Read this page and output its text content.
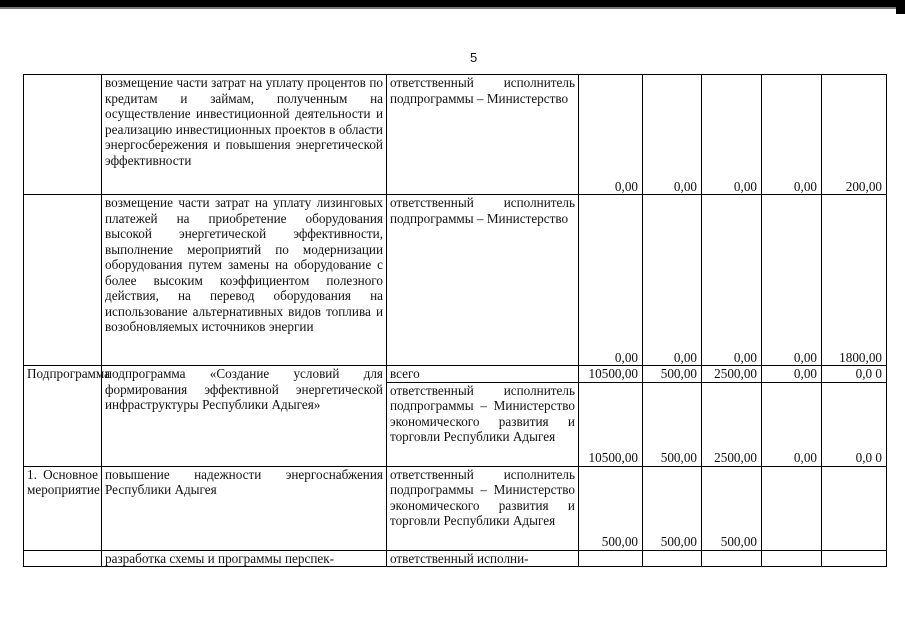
5
	возмещение части затрат на уплату процентов по кредитам и займам, полученным на осуществление инвестиционной деятельности и реализацию инвестиционных проектов в области энергосбережения и повышения энергетической эффективности	ответственный исполнитель подпрограммы – Министерство	0,00	0,00	0,00	0,00	200,00
	возмещение части затрат на уплату лизинговых платежей на приобретение оборудования высокой энергетической эффективности, выполнение мероприятий по модернизации оборудования путем замены на оборудование с более высоким коэффициентом полезного действия, на перевод оборудования на использование альтернативных видов топлива и возобновляемых источников энергии	ответственный исполнитель подпрограммы – Министерство	0,00	0,00	0,00	0,00	1800,00
Подпрограмма	подпрограмма «Создание условий для формирования эффективной энергетической инфраструктуры Республики Адыгея»	всего	10500,00	500,00	2500,00	0,00	0,0 0
		ответственный исполнитель подпрограммы – Министерство экономического развития и торговли Республики Адыгея	10500,00	500,00	2500,00	0,00	0,0 0
1. Основное мероприятие	повышение надежности энергоснабжения Республики Адыгея	ответственный исполнитель подпрограммы – Министерство экономического развития и торговли Республики Адыгея	500,00	500,00	500,00		
	разработка схемы и программы перспек-	ответственный исполни-					
